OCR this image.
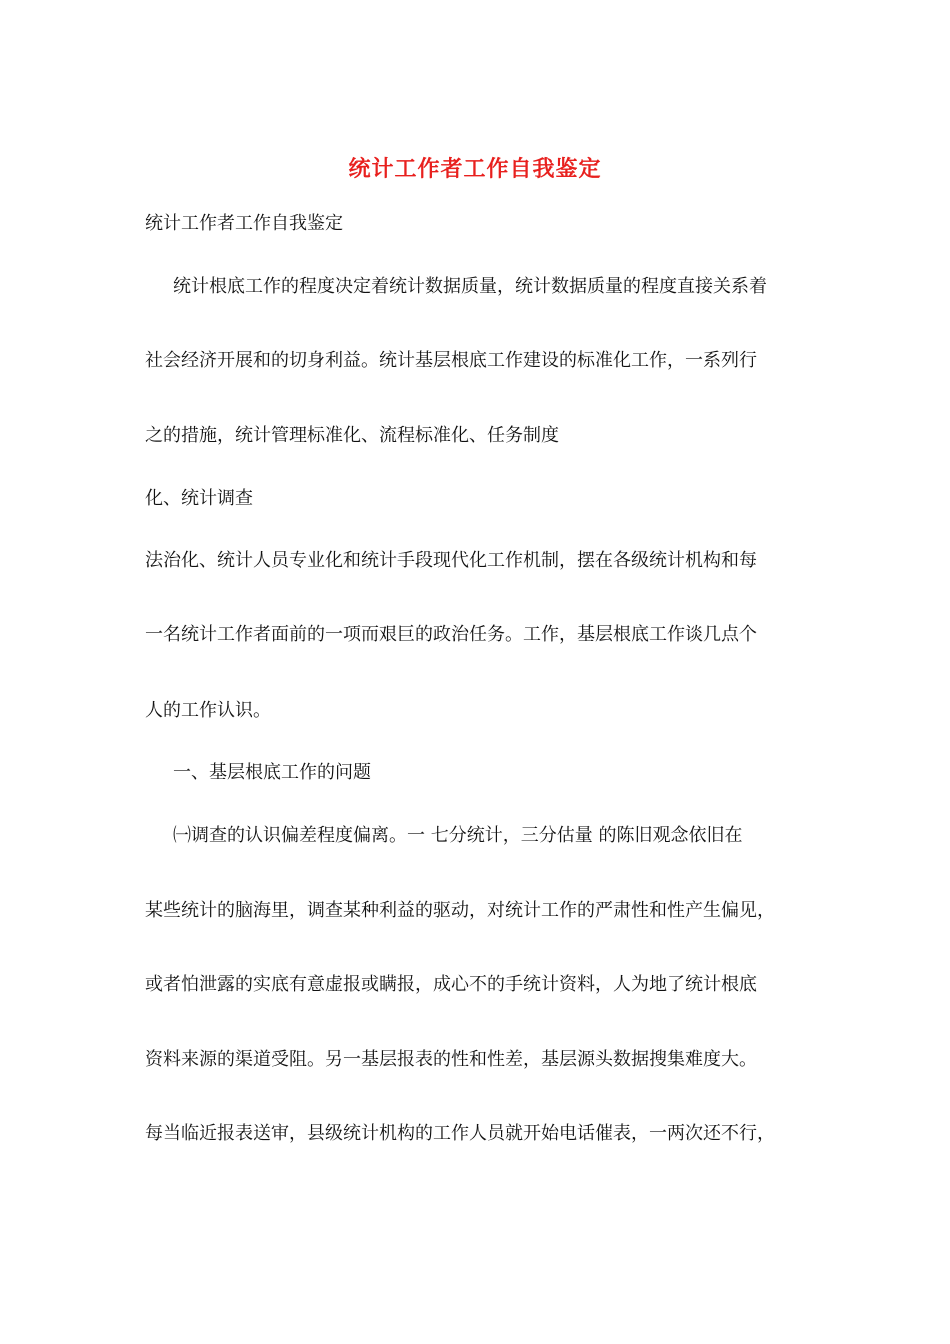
统计工作者工作自我鉴定
统计工作者工作自我鉴定
统计根底工作的程度决定着统计数据质量，统计数据质量的程度直接关系着
社会经济开展和的切身利益。统计基层根底工作建设的标准化工作，一系列行
之的措施，统计管理标准化、流程标准化、任务制度
化、统计调查
法治化、统计人员专业化和统计手段现代化工作机制，摆在各级统计机构和每
一名统计工作者面前的一项而艰巨的政治任务。工作，基层根底工作谈几点个
人的工作认识。
一、基层根底工作的问题
㈠调查的认识偏差程度偏离。一 七分统计，三分估量 的陈旧观念依旧在
某些统计的脑海里，调查某种利益的驱动，对统计工作的严肃性和性产生偏见，
或者怕泄露的实底有意虚报或瞒报，成心不的手统计资料，人为地了统计根底
资料来源的渠道受阻。另一基层报表的性和性差，基层源头数据搜集难度大。
每当临近报表送审，县级统计机构的工作人员就开始电话催表，一两次还不行，
